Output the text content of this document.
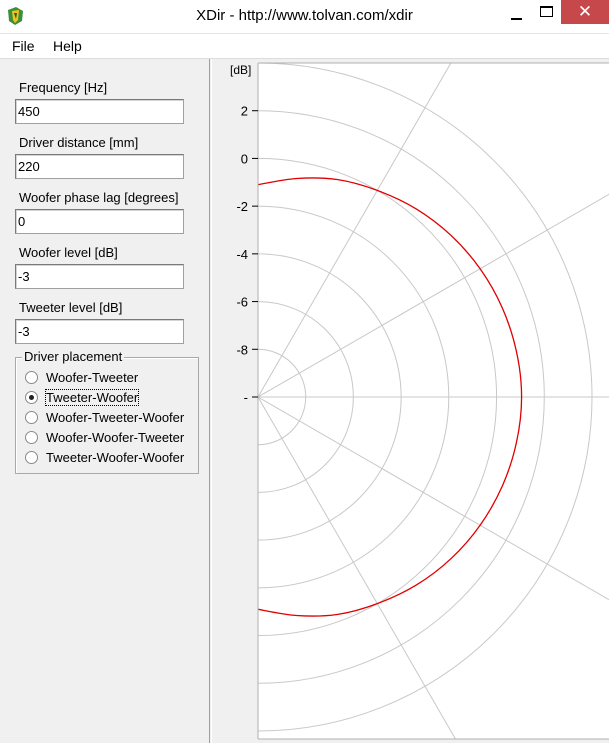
XDir - http://www.tolvan.com/xdir	✕
File Help
Frequency [Hz]
450
Driver distance [mm]
220
Woofer phase lag [degrees]
0
Woofer level [dB]
-3
Tweeter level [dB]
-3
Driver placement
Woofer-Tweeter
Tweeter-Woofer
Woofer-Tweeter-Woofer
Woofer-Woofer-Tweeter
Tweeter-Woofer-Woofer
[dB]
2
0
-2
-4
-6
-8
-
